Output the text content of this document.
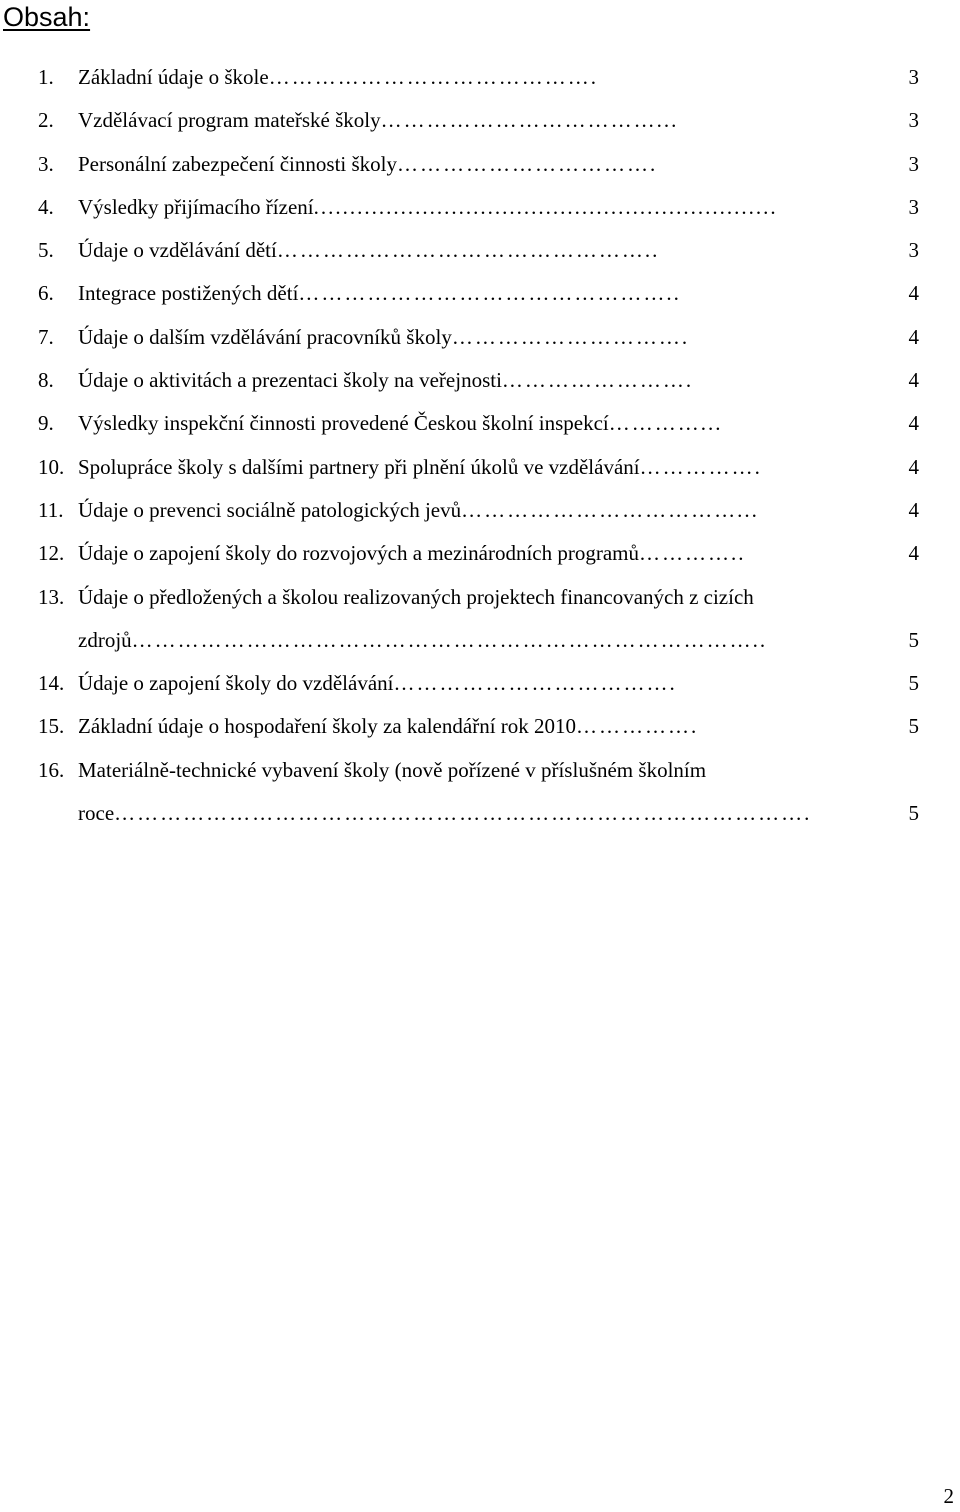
Obsah:
1. Základní údaje o škole…………………………………….	3
2. Vzdělávací program mateřské školy………………………………...	3
3. Personální zabezpečení činnosti školy…………………………….	3
4. Výsledky přijímacího řízení................................................................	3
5. Údaje o vzdělávání dětí…………………………………………..	3
6. Integrace postižených dětí…………………………………………..	4
7. Údaje o dalším vzdělávání pracovníků školy………………………….	4
8. Údaje o aktivitách a prezentaci školy na veřejnosti…………………….	4
9. Výsledky inspekční činnosti provedené Českou školní inspekcí…………...	4
10. Spolupráce školy s dalšími partnery při plnění úkolů ve vzdělávání…………….	4
11. Údaje o prevenci sociálně patologických jevů………………………………...	4
12. Údaje o zapojení školy do rozvojových a mezinárodních programů…………..	4
13. Údaje o předložených a školou realizovaných projektech financovaných z cizích
zdrojů………………………………………………………………………..	5
14. Údaje o zapojení školy do vzdělávání……………………………….	5
15. Základní údaje o hospodaření školy za kalendářní rok 2010…………….	5
16. Materiálně-technické vybavení školy (nově pořízené v příslušném školním
roce……………………………………………………………………………….	5
2
